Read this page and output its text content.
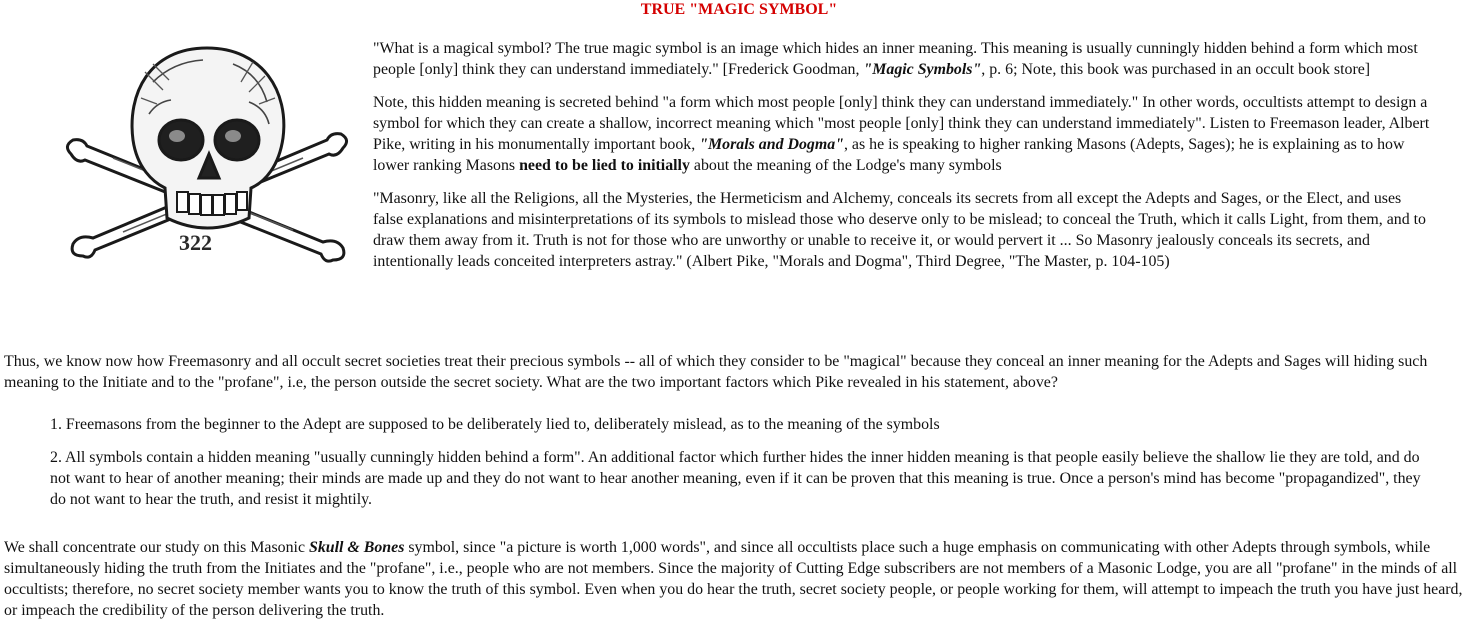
TRUE "MAGIC SYMBOL"
322

"What is a magical symbol? The true magic symbol is an image which hides an inner meaning. This meaning is usually cunningly hidden behind a form which most people [only] think they can understand immediately." [Frederick Goodman, "Magic Symbols", p. 6; Note, this book was purchased in an occult book store]

Note, this hidden meaning is secreted behind "a form which most people [only] think they can understand immediately." In other words, occultists attempt to design a symbol for which they can create a shallow, incorrect meaning which "most people [only] think they can understand immediately". Listen to Freemason leader, Albert Pike, writing in his monumentally important book, "Morals and Dogma", as he is speaking to higher ranking Masons (Adepts, Sages); he is explaining as to how lower ranking Masons need to be lied to initially about the meaning of the Lodge's many symbols

"Masonry, like all the Religions, all the Mysteries, the Hermeticism and Alchemy, conceals its secrets from all except the Adepts and Sages, or the Elect, and uses false explanations and misinterpretations of its symbols to mislead those who deserve only to be mislead; to conceal the Truth, which it calls Light, from them, and to draw them away from it. Truth is not for those who are unworthy or unable to receive it, or would pervert it ... So Masonry jealously conceals its secrets, and intentionally leads conceited interpreters astray." (Albert Pike, "Morals and Dogma", Third Degree, "The Master, p. 104-105)

Thus, we know now how Freemasonry and all occult secret societies treat their precious symbols -- all of which they consider to be "magical" because they conceal an inner meaning for the Adepts and Sages will hiding such meaning to the Initiate and to the "profane", i.e, the person outside the secret society. What are the two important factors which Pike revealed in his statement, above?

1. Freemasons from the beginner to the Adept are supposed to be deliberately lied to, deliberately mislead, as to the meaning of the symbols

2. All symbols contain a hidden meaning "usually cunningly hidden behind a form". An additional factor which further hides the inner hidden meaning is that people easily believe the shallow lie they are told, and do not want to hear of another meaning; their minds are made up and they do not want to hear another meaning, even if it can be proven that this meaning is true. Once a person's mind has become "propagandized", they do not want to hear the truth, and resist it mightily.

We shall concentrate our study on this Masonic Skull & Bones symbol, since "a picture is worth 1,000 words", and since all occultists place such a huge emphasis on communicating with other Adepts through symbols, while simultaneously hiding the truth from the Initiates and the "profane", i.e., people who are not members. Since the majority of Cutting Edge subscribers are not members of a Masonic Lodge, you are all "profane" in the minds of all occultists; therefore, no secret society member wants you to know the truth of this symbol. Even when you do hear the truth, secret society people, or people working for them, will attempt to impeach the truth you have just heard, or impeach the credibility of the person delivering the truth.
